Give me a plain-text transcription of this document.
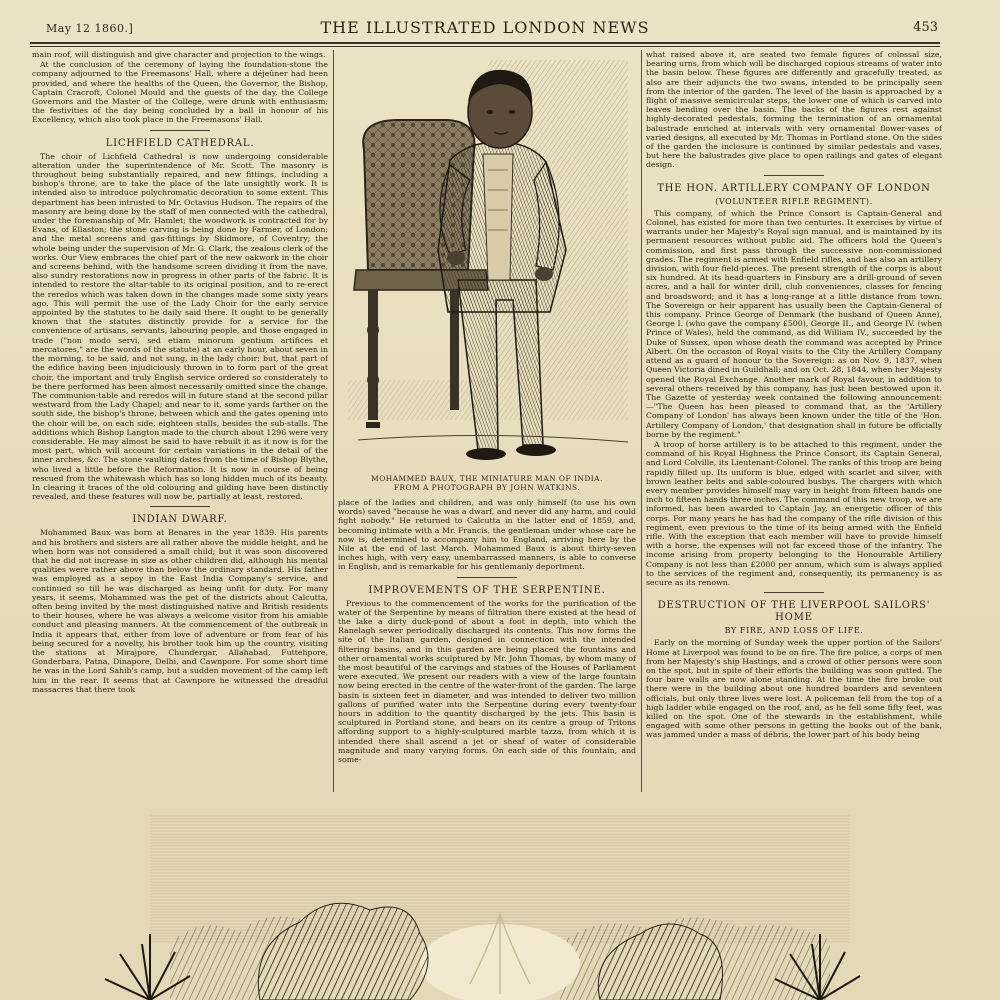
May 12 1860.]	THE ILLUSTRATED LONDON NEWS	453

main roof, will distinguish and give character and projection to the wings.

At the conclusion of the ceremony of laying the foundation-stone the company adjourned to the Freemasons' Hall, where a déjeûner had been provided, and where the healths of the Queen, the Governor, the Bishop, Captain Cracroft, Colonel Mould and the guests of the day, the College Governors and the Master of the College, were drunk with enthusiasm; the festivities of the day being concluded by a ball in honour of his Excellency, which also took place in the Freemasons' Hall.

LICHFIELD CATHEDRAL.

The choir of Lichfield Cathedral is now undergoing considerable alteration under the superintendence of Mr. Scott. The masonry is throughout being substantially repaired, and new fittings, including a bishop's throne, are to take the place of the late unsightly work. It is intended also to introduce polychromatic decoration to some extent. This department has been intrusted to Mr. Octavius Hudson. The repairs of the masonry are being done by the staff of men connected with the cathedral, under the foremanship of Mr. Hamlet; the woodwork is contracted for by Evans, of Ellaston; the stone carving is being done by Farmer, of London; and the metal screens and gas-fittings by Skidmore, of Coventry; the whole being under the supervision of Mr. G. Clark, the zealous clerk of the works. Our View embraces the chief part of the new oakwork in the choir and screens behind, with the handsome screen dividing it from the nave, also sundry restorations now in progress in other parts of the fabric. It is intended to restore the altar-table to its original position, and to re-erect the reredos which was taken down in the changes made some sixty years ago. This will permit the use of the Lady Choir for the early service appointed by the statutes to be daily said there. It ought to be generally known that the statutes distinctly provide for a service for the convenience of artisans, servants, labouring people, and those engaged in trade ("non modo servi, sed etiam minorum gentium artifices et mercatores," are the words of the statute) at an early hour, about seven in the morning, to be said, and not sung, in the lady choir; but, that part of the edifice having been injudiciously thrown in to form part of the great choir, the important and truly English service ordered so considerately to be there performed has been almost necessarily omitted since the change. The communion-table and reredos will in future stand at the second pillar westward from the Lady Chapel; and near to it, some yards farther on the south side, the bishop's throne, between which and the gates opening into the choir will be, on each side, eighteen stalls, besides the sub-stalls. The additions which Bishop Langton made to the church about 1296 were very considerable. He may almost be said to have rebuilt it as it now is for the most part, which will account for certain variations in the detail of the inner arches, &c. The stone vaulting dates from the time of Bishop Blythe, who lived a little before the Reformation. It is now in course of being rescued from the whitewash which has so long hidden much of its beauty. In clearing it traces of the old colouring and gilding have been distinctly revealed, and these features will now be, partially at least, restored.

INDIAN DWARF.

Mohammed Baux was born at Benares in the year 1839. His parents and his brothers and sisters are all rather above the middle height, and he when born was not considered a small child; but it was soon discovered that he did not increase in size as other children did, although his mental qualities were rather above than below the ordinary standard. His father was employed as a sepoy in the East India Company's service, and continued so till he was discharged as being unfit for duty. For many years, it seems, Mohammed was the pet of the districts about Calcutta, often being invited by the most distinguished native and British residents to their houses, where he was always a welcome visitor from his amiable conduct and pleasing manners. At the commencement of the outbreak in India it appears that, either from love of adventure or from fear of his being secured for a novelty, his brother took him up the country, visiting the stations at Mirajpore, Chundergar, Allahabad, Futtehpore, Gonderbara, Patna, Dinapore, Delhi, and Cawnpore. For some short time he was in the Lord Sahib's camp, but a sudden movement of the camp left him in the rear. It seems that at Cawnpore he witnessed the dreadful massacres that there took

MOHAMMED BAUX, THE MINIATURE MAN OF INDIA.
FROM A PHOTOGRAPH BY JOHN WATKINS.

place of the ladies and children, and was only himself (to use his own words) saved "because he was a dwarf, and never did any harm, and could fight nobody." He returned to Calcutta in the latter end of 1859, and, becoming intimate with a Mr. Francis, the gentleman under whose care he now is, determined to accompany him to England, arriving here by the Nile at the end of last March. Mohammed Baux is about thirty-seven inches high, with very easy, unembarrassed manners, is able to converse in English, and is remarkable for his gentlemanly deportment.

IMPROVEMENTS OF THE SERPENTINE.

Previous to the commencement of the works for the purification of the water of the Serpentine by means of filtration there existed at the head of the lake a dirty duck-pond of about a foot in depth, into which the Ranelagh sewer periodically discharged its contents. This now forms the site of the Italian garden, designed in connection with the intended filtering basins, and in this garden are being placed the fountains and other ornamental works sculptured by Mr. John Thomas, by whom many of the most beautiful of the carvings and statues of the Houses of Parliament were executed. We present our readers with a view of the large fountain now being erected in the centre of the water-front of the garden. The large basin is sixteen feet in diameter, and was intended to deliver two million gallons of purified water into the Serpentine during every twenty-four hours in addition to the quantity discharged by the jets. This basin is sculptured in Portland stone, and bears on its centre a group of Tritons affording support to a highly-sculptured marble tazza, from which it is intended there shall ascend a jet or sheaf of water of considerable magnitude and many varying forms. On each side of this fountain, and some-

what raised above it, are seated two female figures of colossal size, bearing urns, from which will be discharged copious streams of water into the basin below. These figures are differently and gracefully treated, as also are their adjuncts the two swans, intended to be principally seen from the interior of the garden. The level of the basin is approached by a flight of massive semicircular steps, the lower one of which is carved into leaves bending over the basin. The backs of the figures rest against highly-decorated pedestals, forming the termination of an ornamental balustrade enriched at intervals with very ornamental flower-vases of varied designs, all executed by Mr. Thomas in Portland stone. On the sides of the garden the inclosure is continued by similar pedestals and vases, but here the balustrades give place to open railings and gates of elegant design.

THE HON. ARTILLERY COMPANY OF LONDON
(VOLUNTEER RIFLE REGIMENT).

This company, of which the Prince Consort is Captain-General and Colonel, has existed for more than two centuries. It exercises by virtue of warrants under her Majesty's Royal sign manual, and is maintained by its permanent resources without public aid. The officers hold the Queen's commission, and first pass through the successive non-commissioned grades. The regiment is armed with Enfield rifles, and has also an artillery division, with four field-pieces. The present strength of the corps is about six hundred. At its head-quarters in Finsbury are a drill-ground of seven acres, and a hall for winter drill, club conveniences, classes for fencing and broadsword; and it has a long-range at a little distance from town. The Sovereign or heir apparent has usually been the Captain-General of this company. Prince George of Denmark (the husband of Queen Anne), George I. (who gave the company £500), George II., and George IV. (when Prince of Wales), held the command, as did William IV., succeeded by the Duke of Sussex, upon whose death the command was accepted by Prince Albert. On the occasion of Royal visits to the City the Artillery Company attend as a guard of honour to the Sovereign: as on Nov. 9, 1837, when Queen Victoria dined in Guildhall; and on Oct. 28, 1844, when her Majesty opened the Royal Exchange. Another mark of Royal favour, in addition to several others received by this company, has just been bestowed upon it. The Gazette of yesterday week contained the following announcement:—"The Queen has been pleased to command that, as the 'Artillery Company of London' has always been known under the title of the 'Hon. Artillery Company of London,' that designation shall in future be officially borne by the regiment."

A troop of horse artillery is to be attached to this regiment, under the command of his Royal Highness the Prince Consort, its Captain General, and Lord Colville, its Lieutenant-Colonel. The ranks of this troop are being rapidly filled up. Its uniform is blue, edged with scarlet and silver, with brown leather belts and sable-coloured busbys. The chargers with which every member provides himself may vary in height from fifteen hands one inch to fifteen hands three inches. The command of this new troop, we are informed, has been awarded to Captain Jay, an energetic officer of this corps. For many years he has had the company of the rifle division of this regiment, even previous to the time of its being armed with the Enfield rifle. With the exception that each member will have to provide himself with a horse, the expenses will not far exceed those of the infantry. The income arising from property belonging to the Honourable Artillery Company is not less than £2000 per annum, which sum is always applied to the services of the regiment and, consequently, its permanency is as secure as its renown.

DESTRUCTION OF THE LIVERPOOL SAILORS' HOME
BY FIRE, AND LOSS OF LIFE.

Early on the morning of Sunday week the upper portion of the Sailors' Home at Liverpool was found to be on fire. The fire police, a corps of men from her Majesty's ship Hastings, and a crowd of other persons were soon on the spot, but in spite of their efforts the building was soon gutted. The four bare walls are now alone standing. At the time the fire broke out there were in the building about one hundred boarders and seventeen officials, but only three lives were lost. A policeman fell from the top of a high ladder while engaged on the roof, and, as he fell some fifty feet, was killed on the spot. One of the stewards in the establishment, while engaged with some other persons in getting the books out of the bank, was jammed under a mass of débris, the lower part of his body being
